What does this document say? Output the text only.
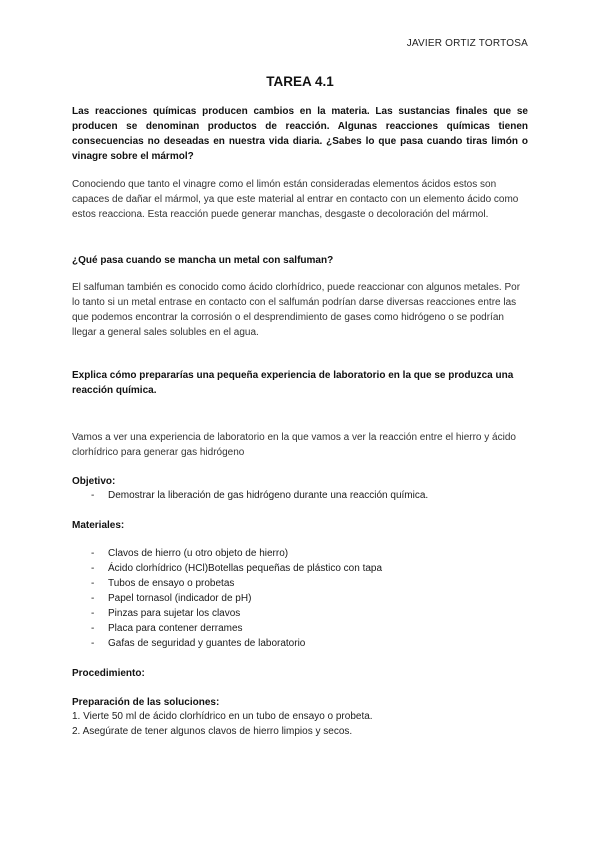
JAVIER ORTIZ TORTOSA
TAREA 4.1
Las reacciones químicas producen cambios en la materia. Las sustancias finales que se producen se denominan productos de reacción. Algunas reacciones químicas tienen consecuencias no deseadas en nuestra vida diaria. ¿Sabes lo que pasa cuando tiras limón o vinagre sobre el mármol?
Conociendo que tanto el vinagre como el limón están consideradas elementos ácidos estos son capaces de dañar el mármol, ya que este material al entrar en contacto con un elemento ácido como estos reacciona. Esta reacción puede generar manchas, desgaste o decoloración del mármol.
¿Qué pasa cuando se mancha un metal con salfuman?
El salfuman también es conocido como ácido clorhídrico, puede reaccionar con algunos metales. Por lo tanto si un metal entrase en contacto con el salfumán podrían darse diversas reacciones entre las que podemos encontrar la corrosión o el desprendimiento de gases como hidrógeno o se podrían llegar a general sales solubles en el agua.
Explica cómo prepararías una pequeña experiencia de laboratorio en la que se produzca una reacción química.
Vamos a ver una experiencia de laboratorio en la que vamos a ver la reacción entre el hierro y ácido clorhídrico para generar gas hidrógeno
Objetivo:
- Demostrar la liberación de gas hidrógeno durante una reacción química.
Materiales:
- Clavos de hierro (u otro objeto de hierro)
- Ácido clorhídrico (HCl)Botellas pequeñas de plástico con tapa
- Tubos de ensayo o probetas
- Papel tornasol (indicador de pH)
- Pinzas para sujetar los clavos
- Placa para contener derrames
- Gafas de seguridad y guantes de laboratorio
Procedimiento:
Preparación de las soluciones:
1. Vierte 50 ml de ácido clorhídrico en un tubo de ensayo o probeta.
2. Asegúrate de tener algunos clavos de hierro limpios y secos.
